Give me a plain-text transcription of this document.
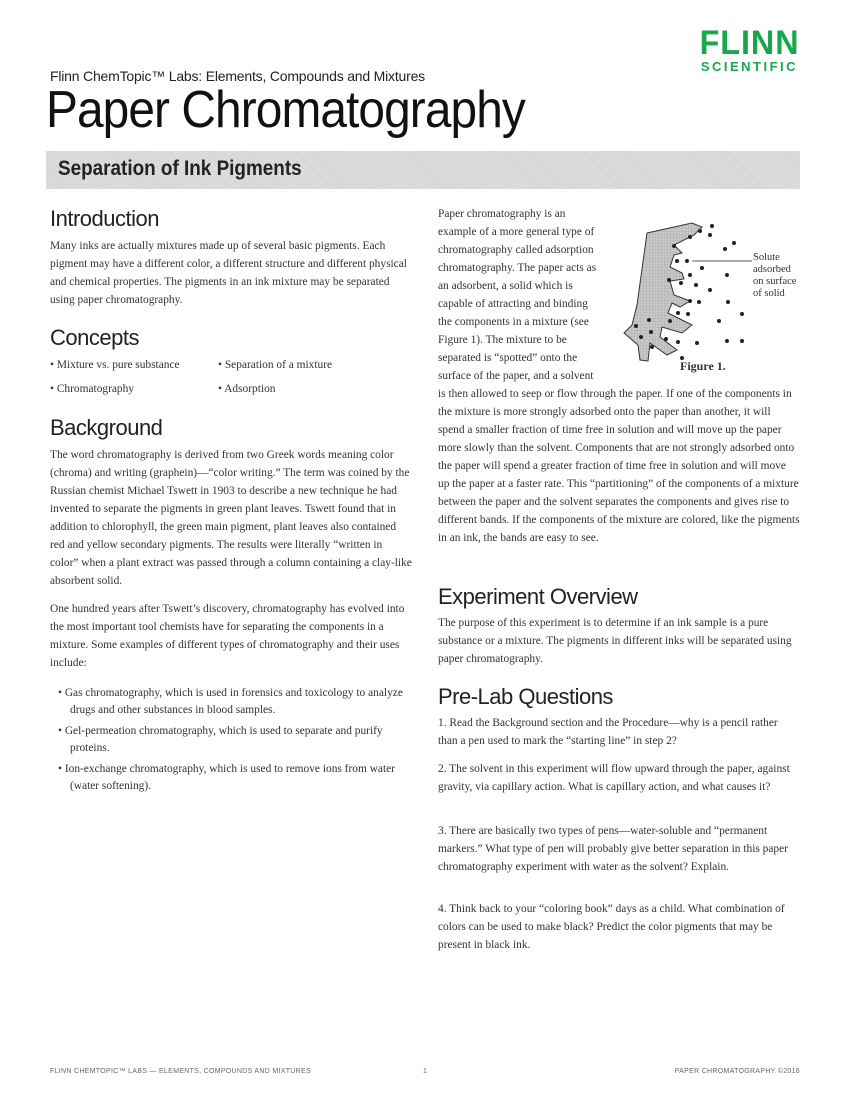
Flinn ChemTopic™ Labs: Elements, Compounds and Mixtures
Paper Chromatography
Separation of Ink Pigments
FLINN
SCIENTIFIC
Introduction

Many inks are actually mixtures made up of several basic pigments. Each pigment may have a different color, a different structure and different physical and chemical properties. The pigments in an ink mixture may be separated using paper chromatography.

Concepts
• Mixture vs. pure substance	• Separation of a mixture
• Chromatography	• Adsorption
Background

The word chromatography is derived from two Greek words meaning color (chroma) and writing (graphein)—“color writing.” The term was coined by the Russian chemist Michael Tswett in 1903 to describe a new technique he had invented to separate the pigments in green plant leaves. Tswett found that in addition to chlorophyll, the green main pigment, plant leaves also contained red and yellow secondary pigments. The results were literally “written in color” when a plant extract was passed through a column containing a clay-like absorbent solid.

One hundred years after Tswett’s discovery, chromatography has evolved into the most important tool chemists have for separating the components in a mixture. Some examples of different types of chromatography and their uses include:

• Gas chromatography, which is used in forensics and toxicology to analyze drugs and other substances in blood samples.
• Gel-permeation chromatography, which is used to separate and purify proteins.
• Ion-exchange chromatography, which is used to remove ions from water (water softening).
Solute
adsorbed
on surface
of solid
Figure 1.
Paper chromatography is an example of a more general type of chromatography called adsorption chromatography. The paper acts as an adsorbent, a solid which is capable of attracting and binding the components in a mixture (see Figure 1). The mixture to be separated is “spotted” onto the surface of the paper, and a solvent is then allowed to seep or flow through the paper. If one of the components in the mixture is more strongly adsorbed onto the paper than another, it will spend a smaller fraction of time free in solution and will move up the paper more slowly than the solvent. Components that are not strongly adsorbed onto the paper will spend a greater fraction of time free in solution and will move up the paper at a faster rate. This “partitioning” of the components of a mixture between the paper and the solvent separates the components and gives rise to different bands. If the components of the mixture are colored, like the pigments in an ink, the bands are easy to see.
Experiment Overview

The purpose of this experiment is to determine if an ink sample is a pure substance or a mixture. The pigments in different inks will be separated using paper chromatography.

Pre-Lab Questions
1. Read the Background section and the Procedure—why is a pencil rather than a pen used to mark the “starting line” in step 2?
2. The solvent in this experiment will flow upward through the paper, against gravity, via capillary action. What is capillary action, and what causes it?
3. There are basically two types of pens—water-soluble and “permanent markers.” What type of pen will probably give better separation in this paper chromatography experiment with water as the solvent? Explain.
4. Think back to your “coloring book” days as a child. What combination of colors can be used to make black? Predict the color pigments that may be present in black ink.
FLINN CHEMTOPIC™ LABS — ELEMENTS, COMPOUNDS AND MIXTURES	1	PAPER CHROMATOGRAPHY ©2016
